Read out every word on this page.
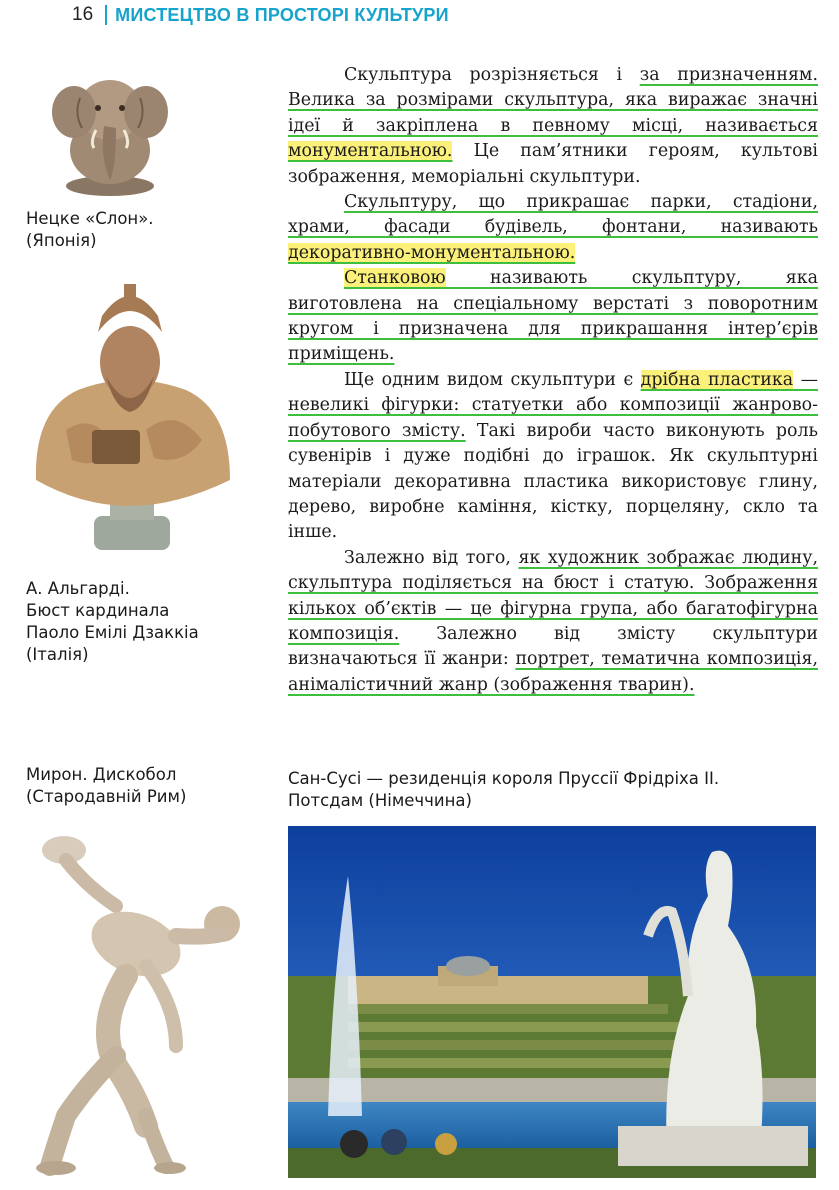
16 МИСТЕЦТВО В ПРОСТОРІ КУЛЬТУРИ
Нецке «Слон».
(Японія)
А. Альгарді.
Бюст кардинала
Паоло Емілі Дзаккіа
(Італія)

Скульптура розрізняється і за призначенням. Велика за розмірами скульптура, яка виражає значні ідеї й закріплена в певному місці, називається монументальною. Це пам’ятники героям, культові зображення, меморіальні скульптури.

Скульптуру, що прикрашає парки, стадіони, храми, фасади будівель, фонтани, називають декоративно-монументальною.

Станковою називають скульптуру, яка виготовлена на спеціальному верстаті з поворотним кругом і призначена для прикрашання інтер’єрів приміщень.

Ще одним видом скульптури є дрібна пластика — невеликі фігурки: статуетки або композиції жанрово-побутового змісту. Такі вироби часто виконують роль сувенірів і дуже подібні до іграшок. Як скульптурні матеріали декоративна пластика використовує глину, дерево, виробне каміння, кістку, порцеляну, скло та інше.

Залежно від того, як художник зображає людину, скульптура поділяється на бюст і статую. Зображення кількох об’єктів — це фігурна група, або багатофігурна композиція. Залежно від змісту скульптури визначаються її жанри: портрет, тематична композиція, анімалістичний жанр (зображення тварин).

Мирон. Дискобол
(Стародавній Рим)
Сан-Сусі — резиденція короля Пруссії Фрідріха ІІ.
Потсдам (Німеччина)
